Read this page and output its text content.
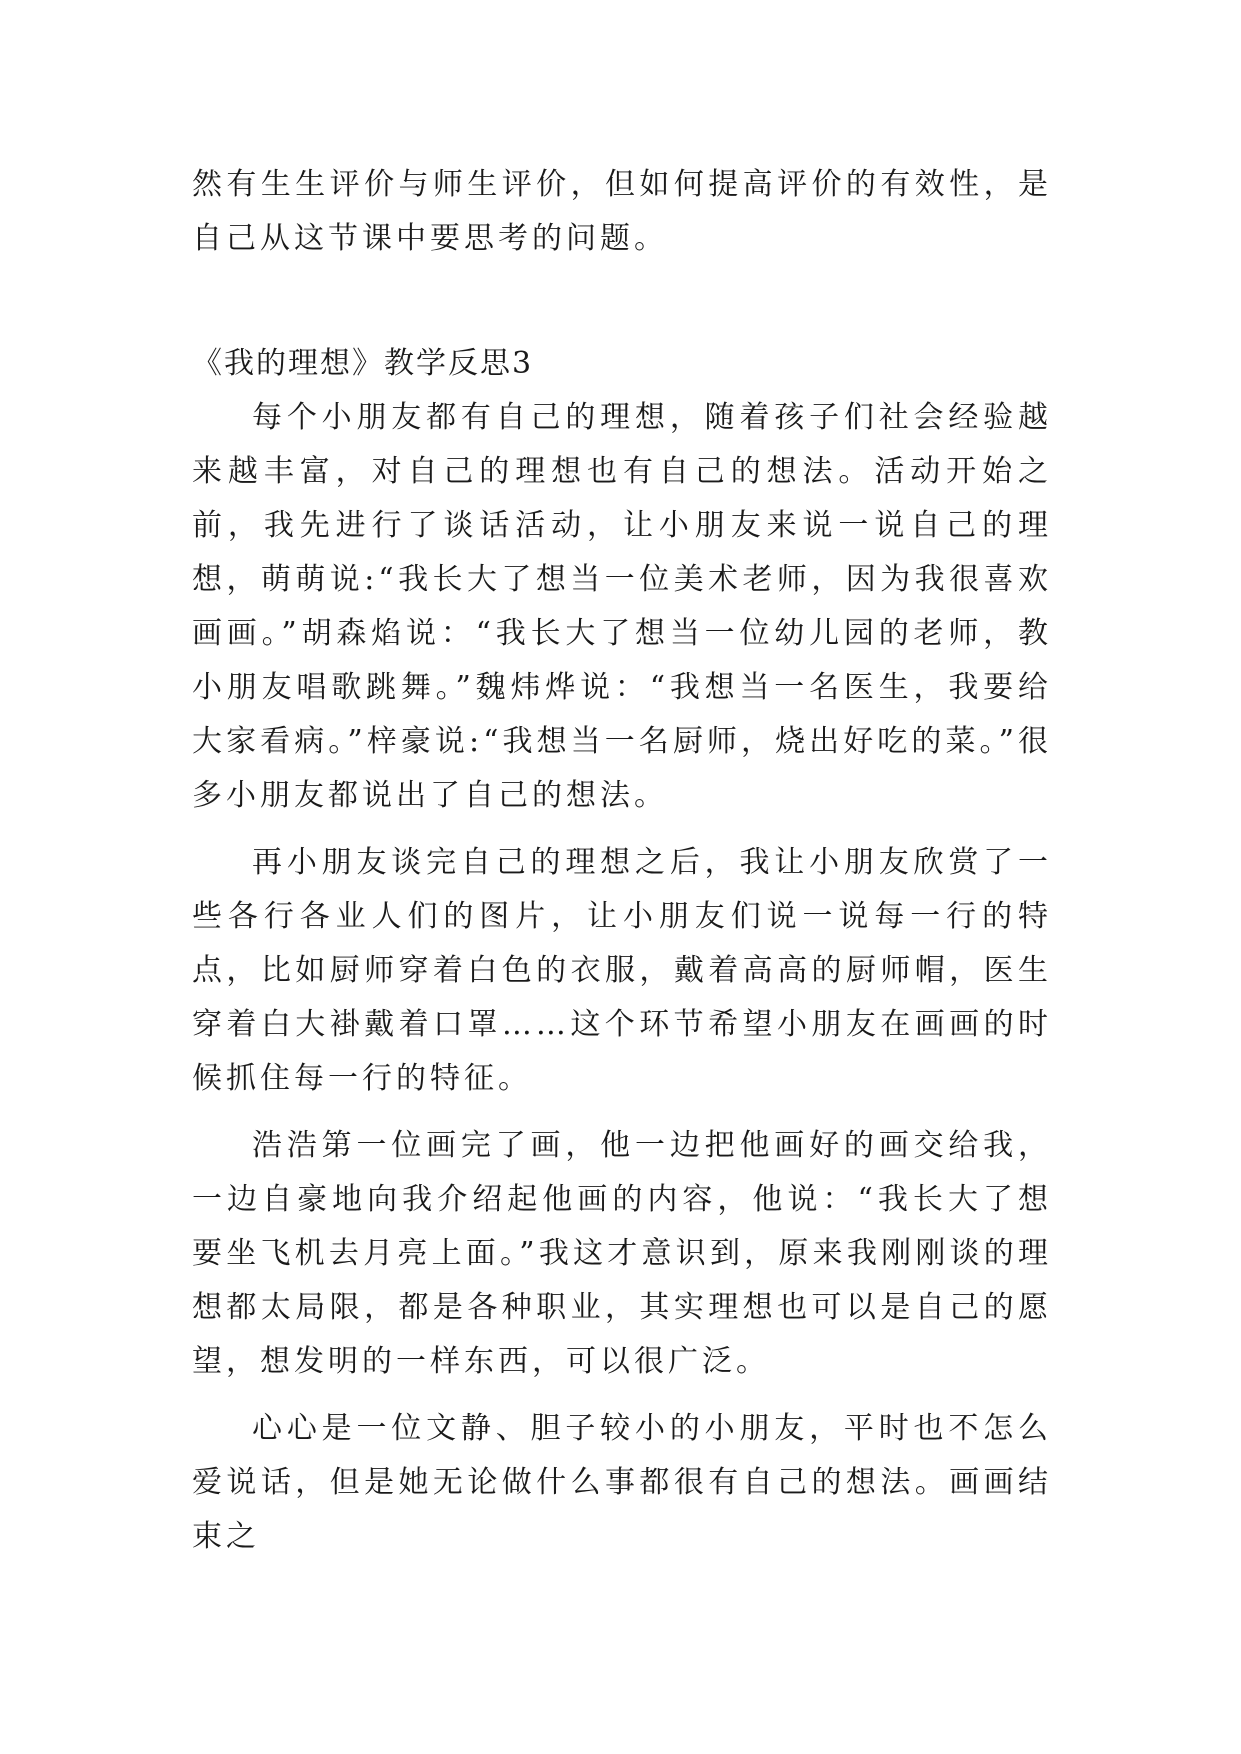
然有生生评价与师生评价，但如何提高评价的有效性，是自己从这节课中要思考的问题。
《我的理想》教学反思3

每个小朋友都有自己的理想，随着孩子们社会经验越来越丰富，对自己的理想也有自己的想法。活动开始之前，我先进行了谈话活动，让小朋友来说一说自己的理想，萌萌说:“我长大了想当一位美术老师，因为我很喜欢画画。”胡森焰说：“我长大了想当一位幼儿园的老师，教小朋友唱歌跳舞。”魏炜烨说：“我想当一名医生，我要给大家看病。”梓豪说:“我想当一名厨师，烧出好吃的菜。”很多小朋友都说出了自己的想法。

再小朋友谈完自己的理想之后，我让小朋友欣赏了一些各行各业人们的图片，让小朋友们说一说每一行的特点，比如厨师穿着白色的衣服，戴着高高的厨师帽，医生穿着白大褂戴着口罩……这个环节希望小朋友在画画的时候抓住每一行的特征。

浩浩第一位画完了画，他一边把他画好的画交给我，一边自豪地向我介绍起他画的内容，他说：“我长大了想要坐飞机去月亮上面。”我这才意识到，原来我刚刚谈的理想都太局限，都是各种职业，其实理想也可以是自己的愿望，想发明的一样东西，可以很广泛。

心心是一位文静、胆子较小的小朋友，平时也不怎么爱说话，但是她无论做什么事都很有自己的想法。画画结束之
